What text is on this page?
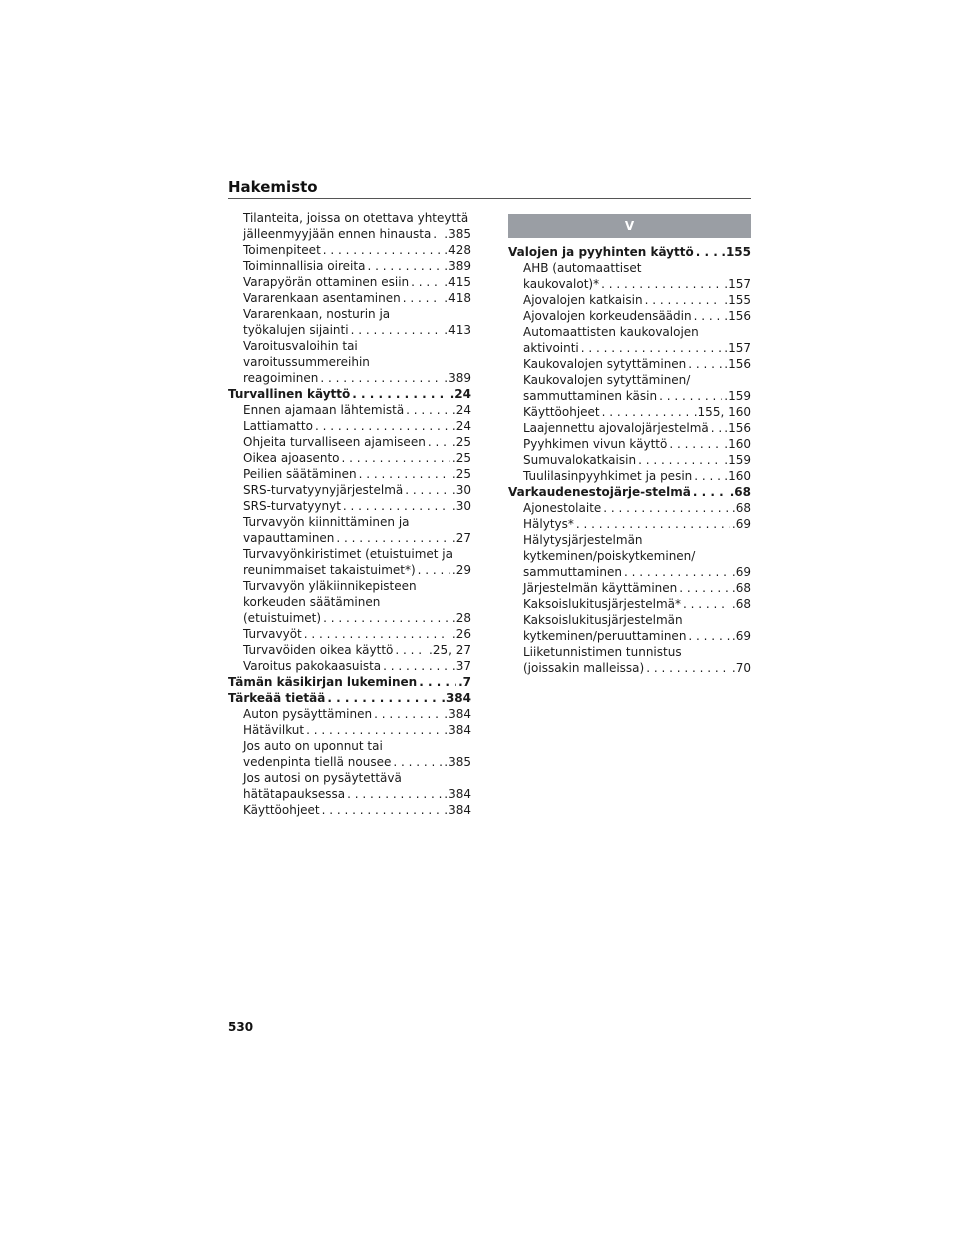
Hakemisto
Tilanteita, joissa on otettava yhteyttä
jälleenmyyjään ennen hinausta . . . .385
Toimenpiteet . . .	.428
Toiminnallisia oireita . . .	.389
Varapyörän ottaminen esiin . . .	.415
Vararenkaan asentaminen . . .	.418
Vararenkaan, nosturin ja
työkalujen sijainti . . .	.413
Varoitusvaloihin tai
varoitussummereihin
reagoiminen . . .	.389
Turvallinen käyttö . . .	.24
Ennen ajamaan lähtemistä . . .	.24
Lattiamatto . . .	.24
Ohjeita turvalliseen ajamiseen . . . .25
Oikea ajoasento . . .	.25
Peilien säätäminen . . .	.25
SRS-turvatyynyjärjestelmä . . .	.30
SRS-turvatyynyt . . .	.30
Turvavyön kiinnittäminen ja
vapauttaminen . . .	.27
Turvavyönkiristimet (etuistuimet ja
reunimmaiset takaistuimet*) . . .	.29
Turvavyön yläkiinnikepisteen
korkeuden säätäminen
(etuistuimet) . . .	.28
Turvavyöt . . .	.26
Turvavöiden oikea käyttö . . .	.25, 27
Varoitus pakokaasuista . . .	.37
Tämän käsikirjan lukeminen . . .	.7
Tärkeää tietää . . .	.384
Auton pysäyttäminen . . .	.384
Hätävilkut . . .	.384
Jos auto on uponnut tai
vedenpinta tiellä nousee . . .	.385
Jos autosi on pysäytettävä
hätätapauksessa . . .	.384
Käyttöohjeet . . .	.384
V
Valojen ja pyyhinten käyttö . . . .155
AHB (automaattiset
kaukovalot)* . . .	.157
Ajovalojen katkaisin . . .	.155
Ajovalojen korkeudensäädin . . .	.156
Automaattisten kaukovalojen
aktivointi . . .	.157
Kaukovalojen sytyttäminen . . .	.156
Kaukovalojen sytyttäminen/
sammuttaminen käsin . . .	.159
Käyttöohjeet . . .	.155, 160
Laajennettu ajovalojärjestelmä . . . .156
Pyyhkimen vivun käyttö . . .	.160
Sumuvalokatkaisin . . .	.159
Tuulilasinpyyhkimet ja pesin . . .	.160
Varkaudenestojärje-stelmä . . .	.68
Ajonestolaite . . .	.68
Hälytys* . . .	.69
Hälytysjärjestelmän
kytkeminen/poiskytkeminen/
sammuttaminen . . .	.69
Järjestelmän käyttäminen . . .	.68
Kaksoislukitusjärjestelmä* . . .	.68
Kaksoislukitusjärjestelmän
kytkeminen/peruuttaminen . . .	.69
Liiketunnistimen tunnistus
(joissakin malleissa) . . .	.70
530
